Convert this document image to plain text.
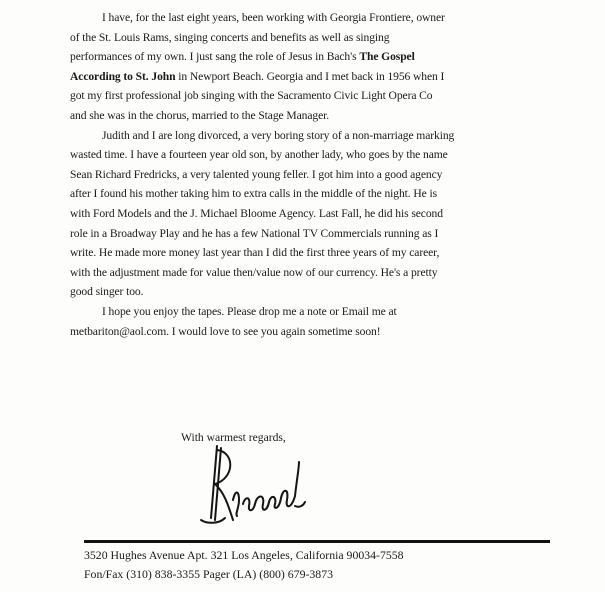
I have, for the last eight years, been working with Georgia Frontiere, owner
of the St. Louis Rams, singing concerts and benefits as well as singing
performances of my own. I just sang the role of Jesus in Bach's The Gospel
According to St. John in Newport Beach. Georgia and I met back in 1956 when I
got my first professional job singing with the Sacramento Civic Light Opera Co
and she was in the chorus, married to the Stage Manager.
Judith and I are long divorced, a very boring story of a non-marriage marking
wasted time. I have a fourteen year old son, by another lady, who goes by the name
Sean Richard Fredricks, a very talented young feller. I got him into a good agency
after I found his mother taking him to extra calls in the middle of the night. He is
with Ford Models and the J. Michael Bloome Agency. Last Fall, he did his second
role in a Broadway Play and he has a few National TV Commercials running as I
write. He made more money last year than I did the first three years of my career,
with the adjustment made for value then/value now of our currency. He's a pretty
good singer too.
I hope you enjoy the tapes. Please drop me a note or Email me at
metbariton@aol.com. I would love to see you again sometime soon!
With warmest regards,
3520 Hughes Avenue Apt. 321 Los Angeles, California 90034-7558
Fon/Fax (310) 838-3355 Pager (LA) (800) 679-3873
